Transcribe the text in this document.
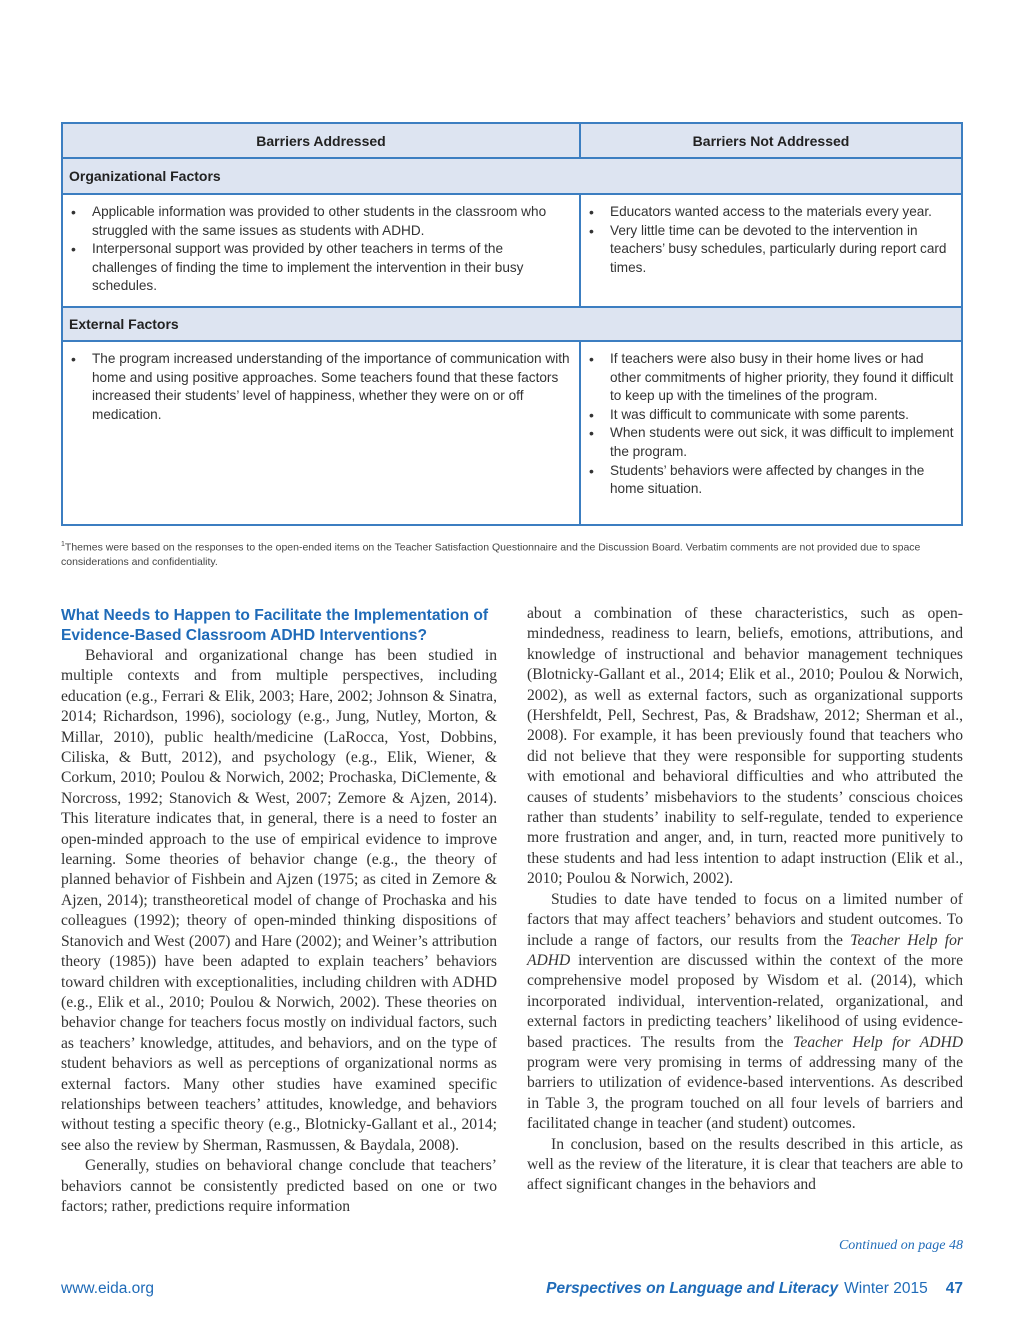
Barriers Addressed	Barriers Not Addressed
Organizational Factors
• Applicable information was provided to other students in the classroom who struggled with the same issues as students with ADHD.
• Interpersonal support was provided by other teachers in terms of the challenges of finding the time to implement the intervention in their busy schedules.
• Educators wanted access to the materials every year.
• Very little time can be devoted to the intervention in teachers’ busy schedules, particularly during report card times.
External Factors
• The program increased understanding of the importance of communication with home and using positive approaches. Some teachers found that these factors increased their students’ level of happiness, whether they were on or off medication.
• If teachers were also busy in their home lives or had other commitments of higher priority, they found it difficult to keep up with the timelines of the program.
• It was difficult to communicate with some parents.
• When students were out sick, it was difficult to implement the program.
• Students’ behaviors were affected by changes in the home situation.
$^1$Themes were based on the responses to the open-ended items on the Teacher Satisfaction Questionnaire and the Discussion Board. Verbatim comments are not provided due to space considerations and confidentiality.
What Needs to Happen to Facilitate the Implementation of Evidence-Based Classroom ADHD Interventions?

Behavioral and organizational change has been studied in multiple contexts and from multiple perspectives, including education (e.g., Ferrari & Elik, 2003; Hare, 2002; Johnson & Sinatra, 2014; Richardson, 1996), sociology (e.g., Jung, Nutley, Morton, & Millar, 2010), public health/medicine (LaRocca, Yost, Dobbins, Ciliska, & Butt, 2012), and psychology (e.g., Elik, Wiener, & Corkum, 2010; Poulou & Norwich, 2002; Prochaska, DiClemente, & Norcross, 1992; Stanovich & West, 2007; Zemore & Ajzen, 2014). This literature indicates that, in general, there is a need to foster an open-minded approach to the use of empirical evidence to improve learning. Some theories of behavior change (e.g., the theory of planned behavior of Fishbein and Ajzen (1975; as cited in Zemore & Ajzen, 2014); transtheoretical model of change of Prochaska and his colleagues (1992); theory of open-minded thinking dispositions of Stanovich and West (2007) and Hare (2002); and Weiner’s attribution theory (1985)) have been adapted to explain teachers’ behaviors toward children with exceptionalities, including children with ADHD (e.g., Elik et al., 2010; Poulou & Norwich, 2002). These theories on behavior change for teachers focus mostly on individual factors, such as teachers’ knowledge, attitudes, and behaviors, and on the type of student behaviors as well as perceptions of organizational norms as external factors. Many other studies have examined specific relationships between teachers’ attitudes, knowledge, and behaviors without testing a specific theory (e.g., Blotnicky-Gallant et al., 2014; see also the review by Sherman, Rasmussen, & Baydala, 2008).

Generally, studies on behavioral change conclude that teachers’ behaviors cannot be consistently predicted based on one or two factors; rather, predictions require information

about a combination of these characteristics, such as open-mindedness, readiness to learn, beliefs, emotions, attributions, and knowledge of instructional and behavior management techniques (Blotnicky-Gallant et al., 2014; Elik et al., 2010; Poulou & Norwich, 2002), as well as external factors, such as organizational supports (Hershfeldt, Pell, Sechrest, Pas, & Bradshaw, 2012; Sherman et al., 2008). For example, it has been previously found that teachers who did not believe that they were responsible for supporting students with emotional and behavioral difficulties and who attributed the causes of students’ misbehaviors to the students’ conscious choices rather than students’ inability to self-regulate, tended to experience more frustration and anger, and, in turn, reacted more punitively to these students and had less intention to adapt instruction (Elik et al., 2010; Poulou & Norwich, 2002).

Studies to date have tended to focus on a limited number of factors that may affect teachers’ behaviors and student outcomes. To include a range of factors, our results from the Teacher Help for ADHD intervention are discussed within the context of the more comprehensive model proposed by Wisdom et al. (2014), which incorporated individual, intervention-related, organizational, and external factors in predicting teachers’ likelihood of using evidence-based practices. The results from the Teacher Help for ADHD program were very promising in terms of addressing many of the barriers to utilization of evidence-based interventions. As described in Table 3, the program touched on all four levels of barriers and facilitated change in teacher (and student) outcomes.

In conclusion, based on the results described in this article, as well as the review of the literature, it is clear that teachers are able to affect significant changes in the behaviors and

Continued on page 48
www.eida.org	Perspectives on Language and Literacy Winter 2015 47
